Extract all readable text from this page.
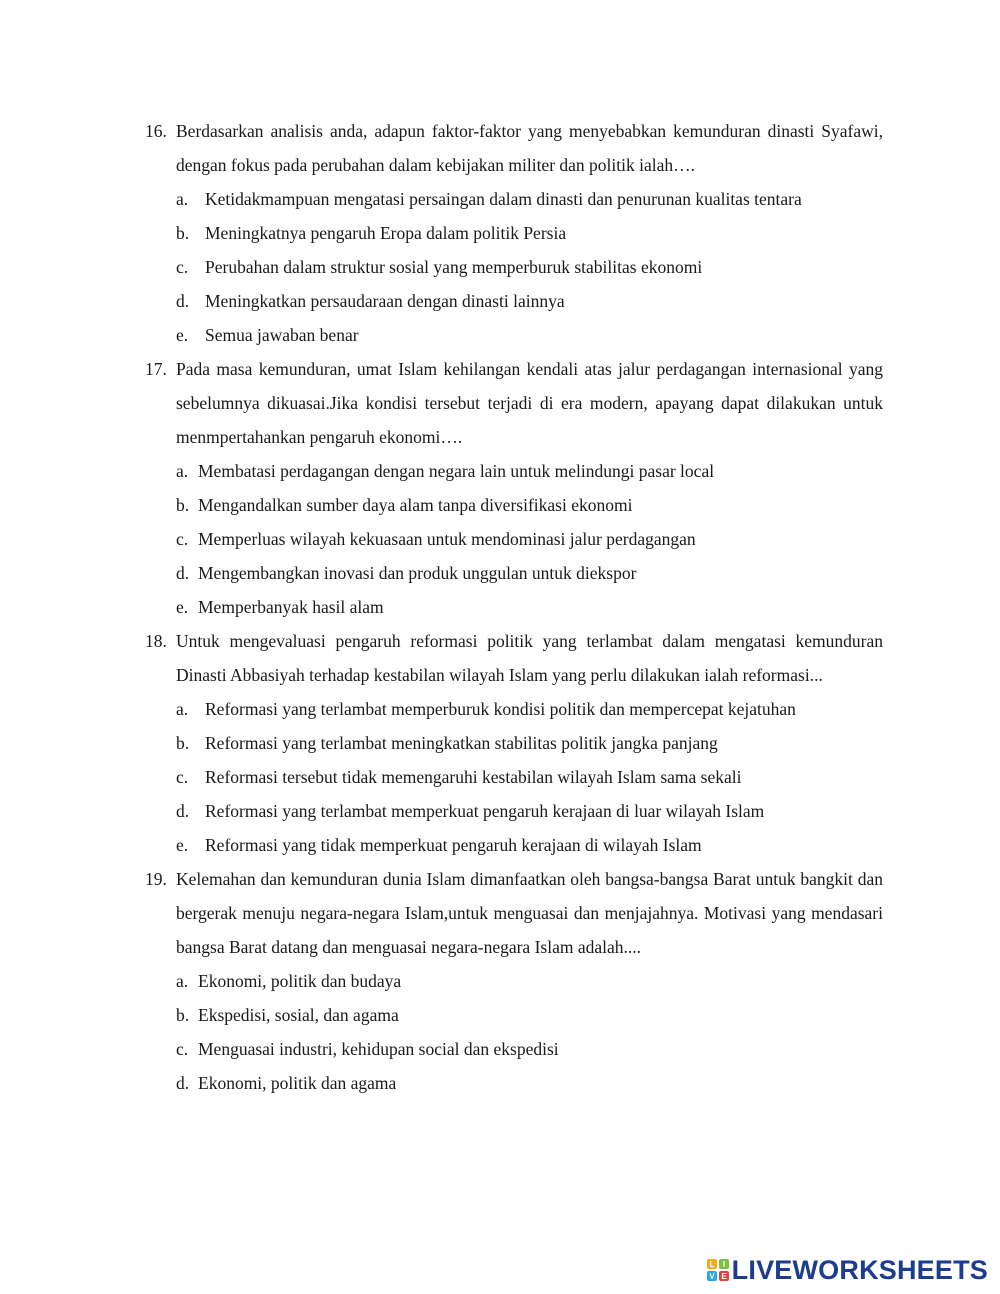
16. Berdasarkan analisis anda, adapun faktor-faktor yang menyebabkan kemunduran dinasti Syafawi, dengan fokus pada perubahan dalam kebijakan militer dan politik ialah….
a. Ketidakmampuan mengatasi persaingan dalam dinasti dan penurunan kualitas tentara
b. Meningkatnya pengaruh Eropa dalam politik Persia
c. Perubahan dalam struktur sosial yang memperburuk stabilitas ekonomi
d. Meningkatkan persaudaraan dengan dinasti lainnya
e. Semua jawaban benar
17. Pada masa kemunduran, umat Islam kehilangan kendali atas jalur perdagangan internasional yang sebelumnya dikuasai.Jika kondisi tersebut terjadi di era modern, apayang dapat dilakukan untuk menmpertahankan pengaruh ekonomi….
a. Membatasi perdagangan dengan negara lain untuk melindungi pasar local
b. Mengandalkan sumber daya alam tanpa diversifikasi ekonomi
c. Memperluas wilayah kekuasaan untuk mendominasi jalur perdagangan
d. Mengembangkan inovasi dan produk unggulan untuk diekspor
e. Memperbanyak hasil alam
18. Untuk mengevaluasi pengaruh reformasi politik yang terlambat dalam mengatasi kemunduran Dinasti Abbasiyah terhadap kestabilan wilayah Islam yang perlu dilakukan ialah reformasi...
a. Reformasi yang terlambat memperburuk kondisi politik dan mempercepat kejatuhan
b. Reformasi yang terlambat meningkatkan stabilitas politik jangka panjang
c. Reformasi tersebut tidak memengaruhi kestabilan wilayah Islam sama sekali
d. Reformasi yang terlambat memperkuat pengaruh kerajaan di luar wilayah Islam
e. Reformasi yang tidak memperkuat pengaruh kerajaan di wilayah Islam
19. Kelemahan dan kemunduran dunia Islam dimanfaatkan oleh bangsa-bangsa Barat untuk bangkit dan bergerak menuju negara-negara Islam,untuk menguasai dan menjajahnya. Motivasi yang mendasari bangsa Barat datang dan menguasai negara-negara Islam adalah....
a. Ekonomi, politik dan budaya
b. Ekspedisi, sosial, dan agama
c. Menguasai industri, kehidupan social dan ekspedisi
d. Ekonomi, politik dan agama
L I
V E LIVEWORKSHEETS
